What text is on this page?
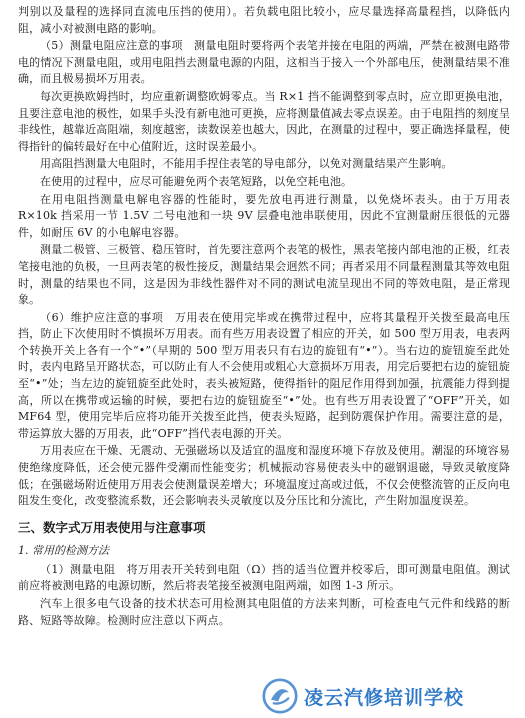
判别以及量程的选择同直流电压挡的使用）。若负载电阻比较小，应尽量选择高量程挡，以降低内阻，减小对被测电路的影响。

（5）测量电阻应注意的事项　测量电阻时要将两个表笔并接在电阻的两端，严禁在被测电路带电的情况下测量电阻，或用电阻挡去测量电源的内阻，这相当于接入一个外部电压，使测量结果不准确，而且极易损坏万用表。

每次更换欧姆挡时，均应重新调整欧姆零点。当 R×1 挡不能调整到零点时，应立即更换电池，且要注意电池的极性，如果手头没有新电池可更换，应将测量值减去零点误差。由于电阻挡的刻度呈非线性，越靠近高阻端，刻度越密，读数误差也越大，因此，在测量的过程中，要正确选择量程，使得指针的偏转最好在中心值附近，这时误差最小。

用高阻挡测量大电阻时，不能用手捏住表笔的导电部分，以免对测量结果产生影响。

在使用的过程中，应尽可能避免两个表笔短路，以免空耗电池。

在用电阻挡测量电解电容器的性能时，要先放电再进行测量，以免烧坏表头。由于万用表 R×10k 挡采用一节 1.5V 二号电池和一块 9V 层叠电池串联使用，因此不宜测量耐压很低的元器件，如耐压 6V 的小电解电容器。

测量二极管、三极管、稳压管时，首先要注意两个表笔的极性，黑表笔接内部电池的正极，红表笔接电池的负极，一旦两表笔的极性接反，测量结果会迥然不同；再者采用不同量程测量其等效电阻时，测量的结果也不同，这是因为非线性器件对不同的测试电流呈现出不同的等效电阻，是正常现象。

（6）维护应注意的事项　万用表在使用完毕或在携带过程中，应将其量程开关拨至最高电压挡，防止下次使用时不慎损坏万用表。而有些万用表设置了相应的开关，如 500 型万用表，电表两个转换开关上各有一个“•”（早期的 500 型万用表只有右边的旋钮有“•”）。当右边的旋钮旋至此处时，表内电路呈开路状态，可以防止有人不会使用或粗心大意损坏万用表，用完后要把右边的旋钮旋至“•”处；当左边的旋钮旋至此处时，表头被短路，使得指针的阻尼作用得到加强，抗震能力得到提高，所以在携带或运输的时候，要把右边的旋钮旋至“•”处。也有些万用表设置了“OFF”开关，如 MF64 型，使用完毕后应将功能开关拨至此挡，使表头短路，起到防震保护作用。需要注意的是，带运算放大器的万用表，此“OFF”挡代表电源的开关。

万用表应在干燥、无震动、无强磁场以及适宜的温度和湿度环境下存放及使用。潮湿的环境容易使绝缘度降低，还会使元器件受潮而性能变劣；机械振动容易使表头中的磁钢退磁，导致灵敏度降低；在强磁场附近使用万用表会使测量误差增大；环境温度过高或过低，不仅会使整流管的正反向电阻发生变化，改变整流系数，还会影响表头灵敏度以及分压比和分流比，产生附加温度误差。

三、数字式万用表使用与注意事项
1. 常用的检测方法

（1）测量电阻　将万用表开关转到电阻（Ω）挡的适当位置并校零后，即可测量电阻值。测试前应将被测电路的电源切断，然后将表笔接至被测电阻两端，如图 1-3 所示。

汽车上很多电气设备的技术状态可用检测其电阻值的方法来判断，可检查电气元件和线路的断路、短路等故障。检测时应注意以下两点。

凌云汽修培训学校
